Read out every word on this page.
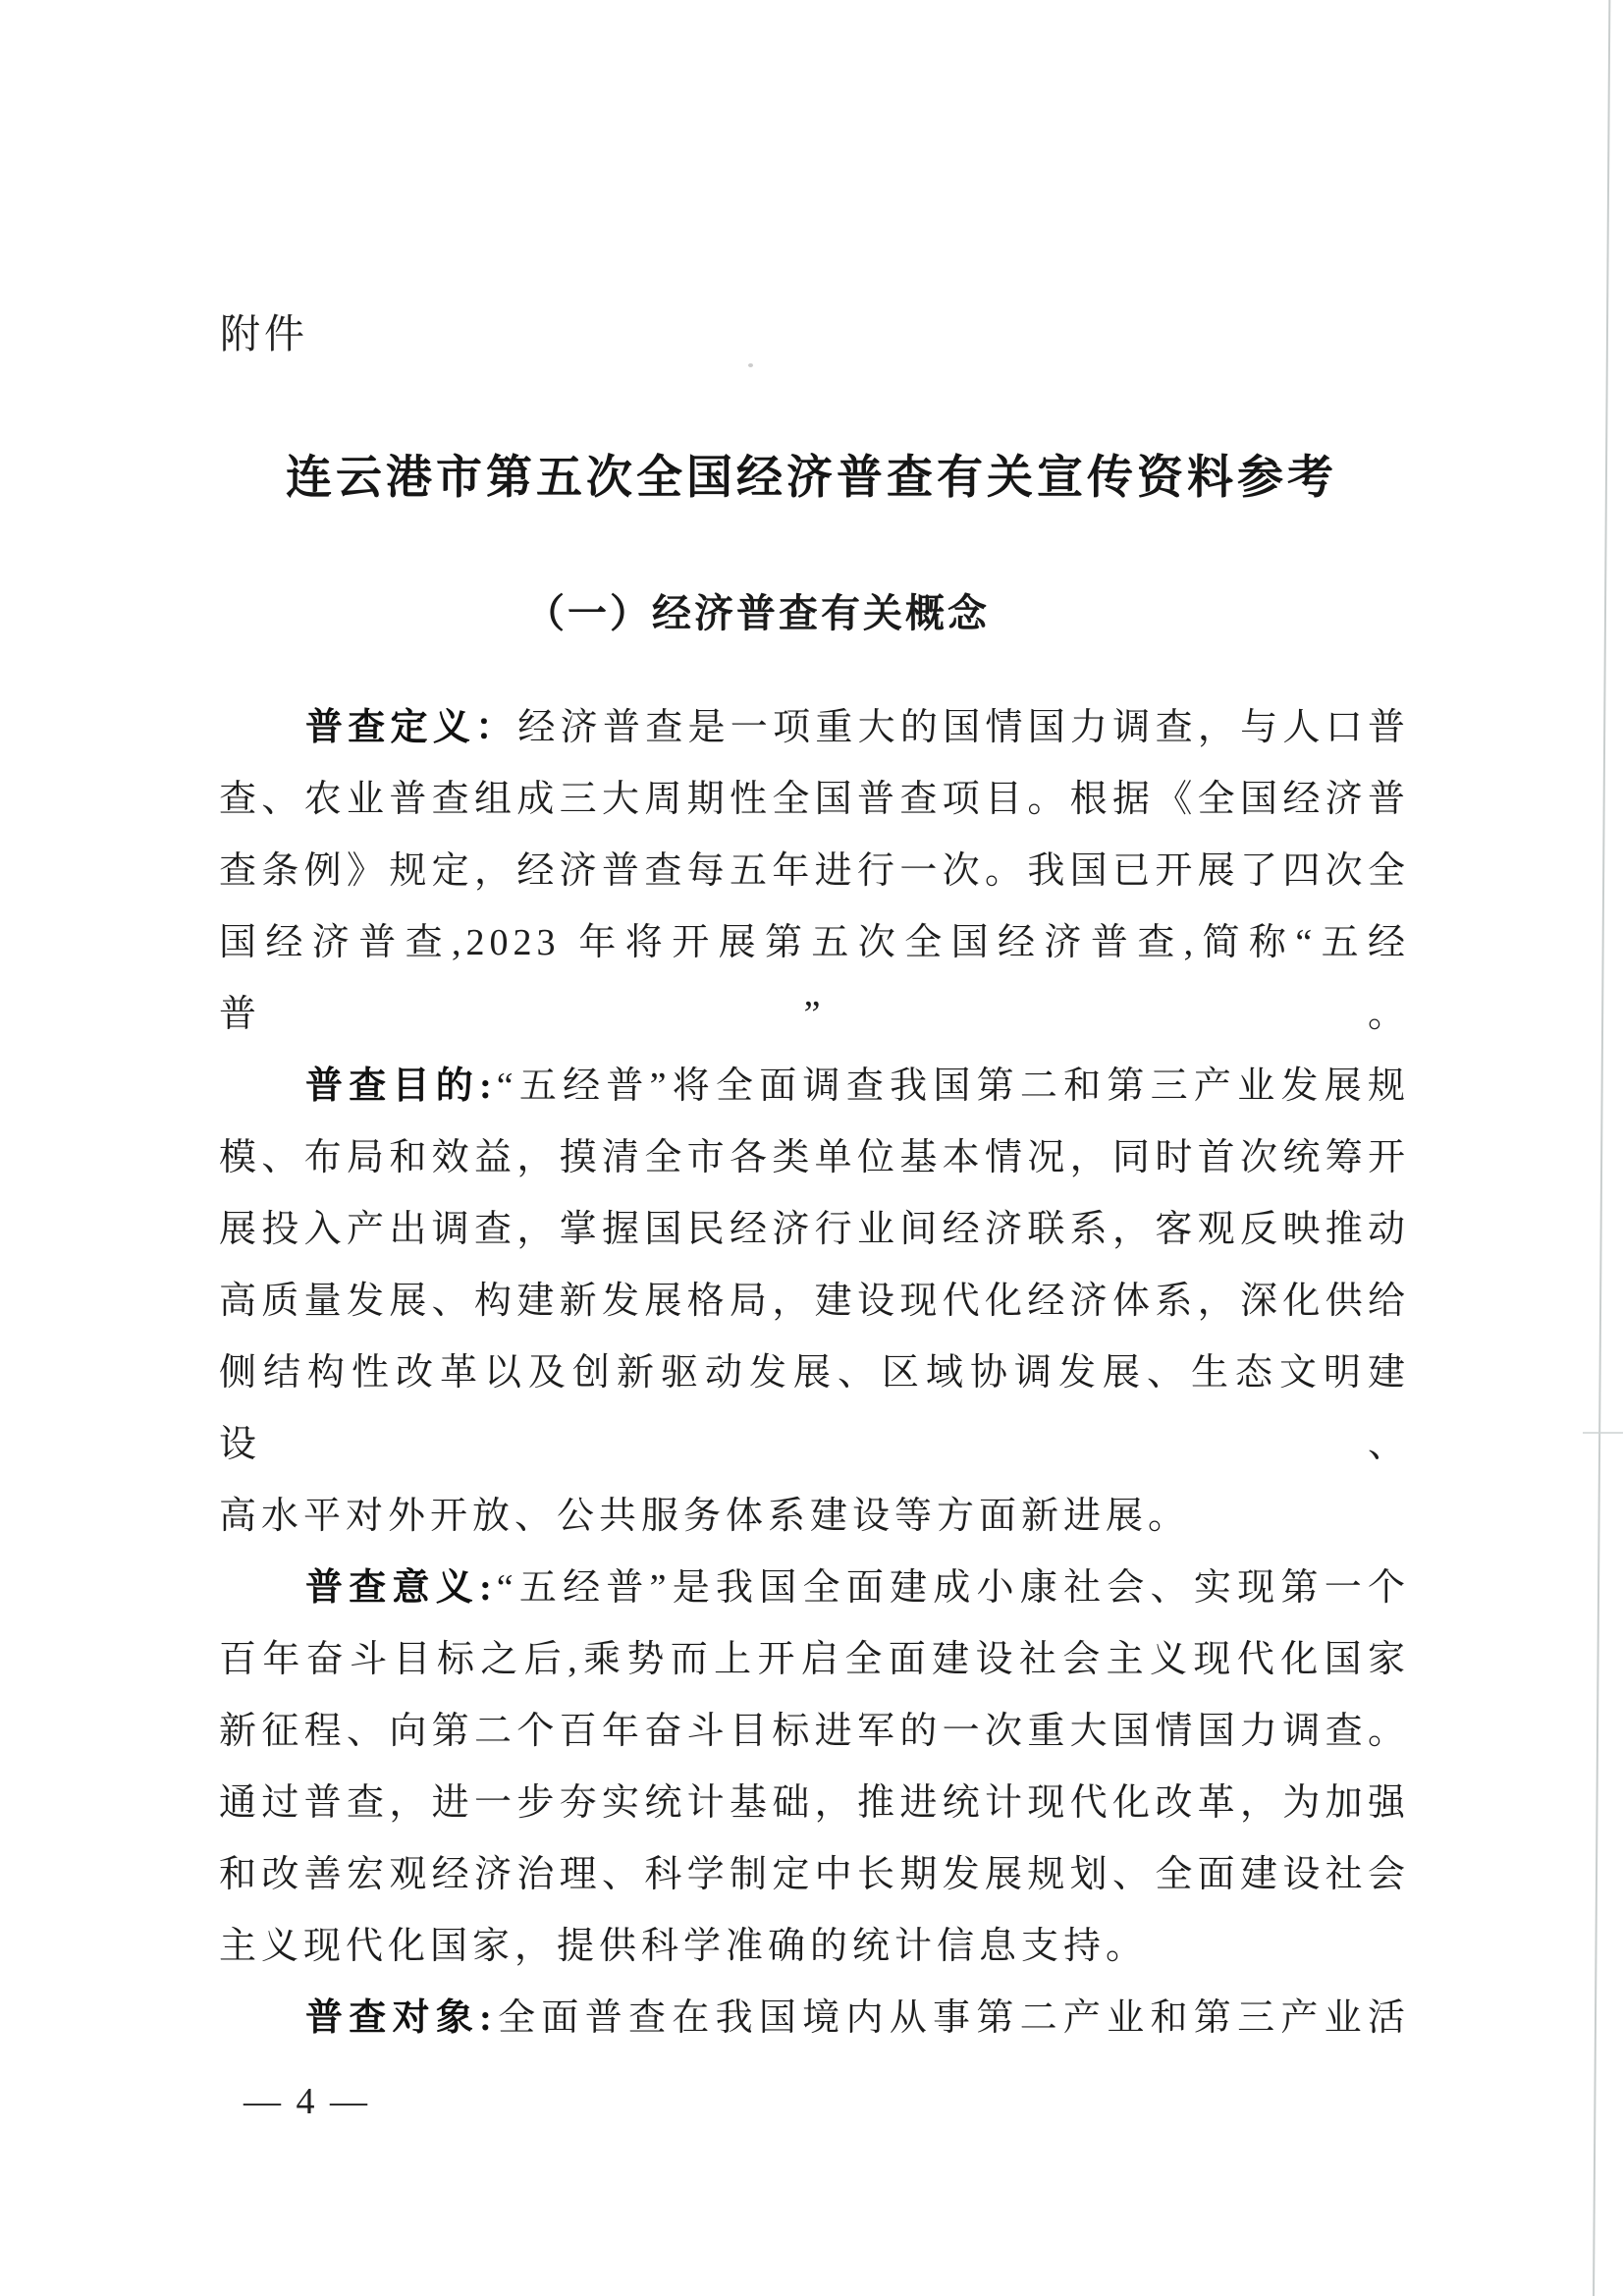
附件
连云港市第五次全国经济普查有关宣传资料参考
（一）经济普查有关概念
普查定义：经济普查是一项重大的国情国力调查，与人口普
查、农业普查组成三大周期性全国普查项目。根据《全国经济普
查条例》规定，经济普查每五年进行一次。我国已开展了四次全
国经济普查,2023 年将开展第五次全国经济普查,简称“五经普”。
普查目的:“五经普”将全面调查我国第二和第三产业发展规
模、布局和效益，摸清全市各类单位基本情况，同时首次统筹开
展投入产出调查，掌握国民经济行业间经济联系，客观反映推动
高质量发展、构建新发展格局，建设现代化经济体系，深化供给
侧结构性改革以及创新驱动发展、区域协调发展、生态文明建设、
高水平对外开放、公共服务体系建设等方面新进展。
普查意义:“五经普”是我国全面建成小康社会、实现第一个
百年奋斗目标之后,乘势而上开启全面建设社会主义现代化国家
新征程、向第二个百年奋斗目标进军的一次重大国情国力调查。
通过普查，进一步夯实统计基础，推进统计现代化改革，为加强
和改善宏观经济治理、科学制定中长期发展规划、全面建设社会
主义现代化国家，提供科学准确的统计信息支持。
普查对象:全面普查在我国境内从事第二产业和第三产业活
— 4 —
